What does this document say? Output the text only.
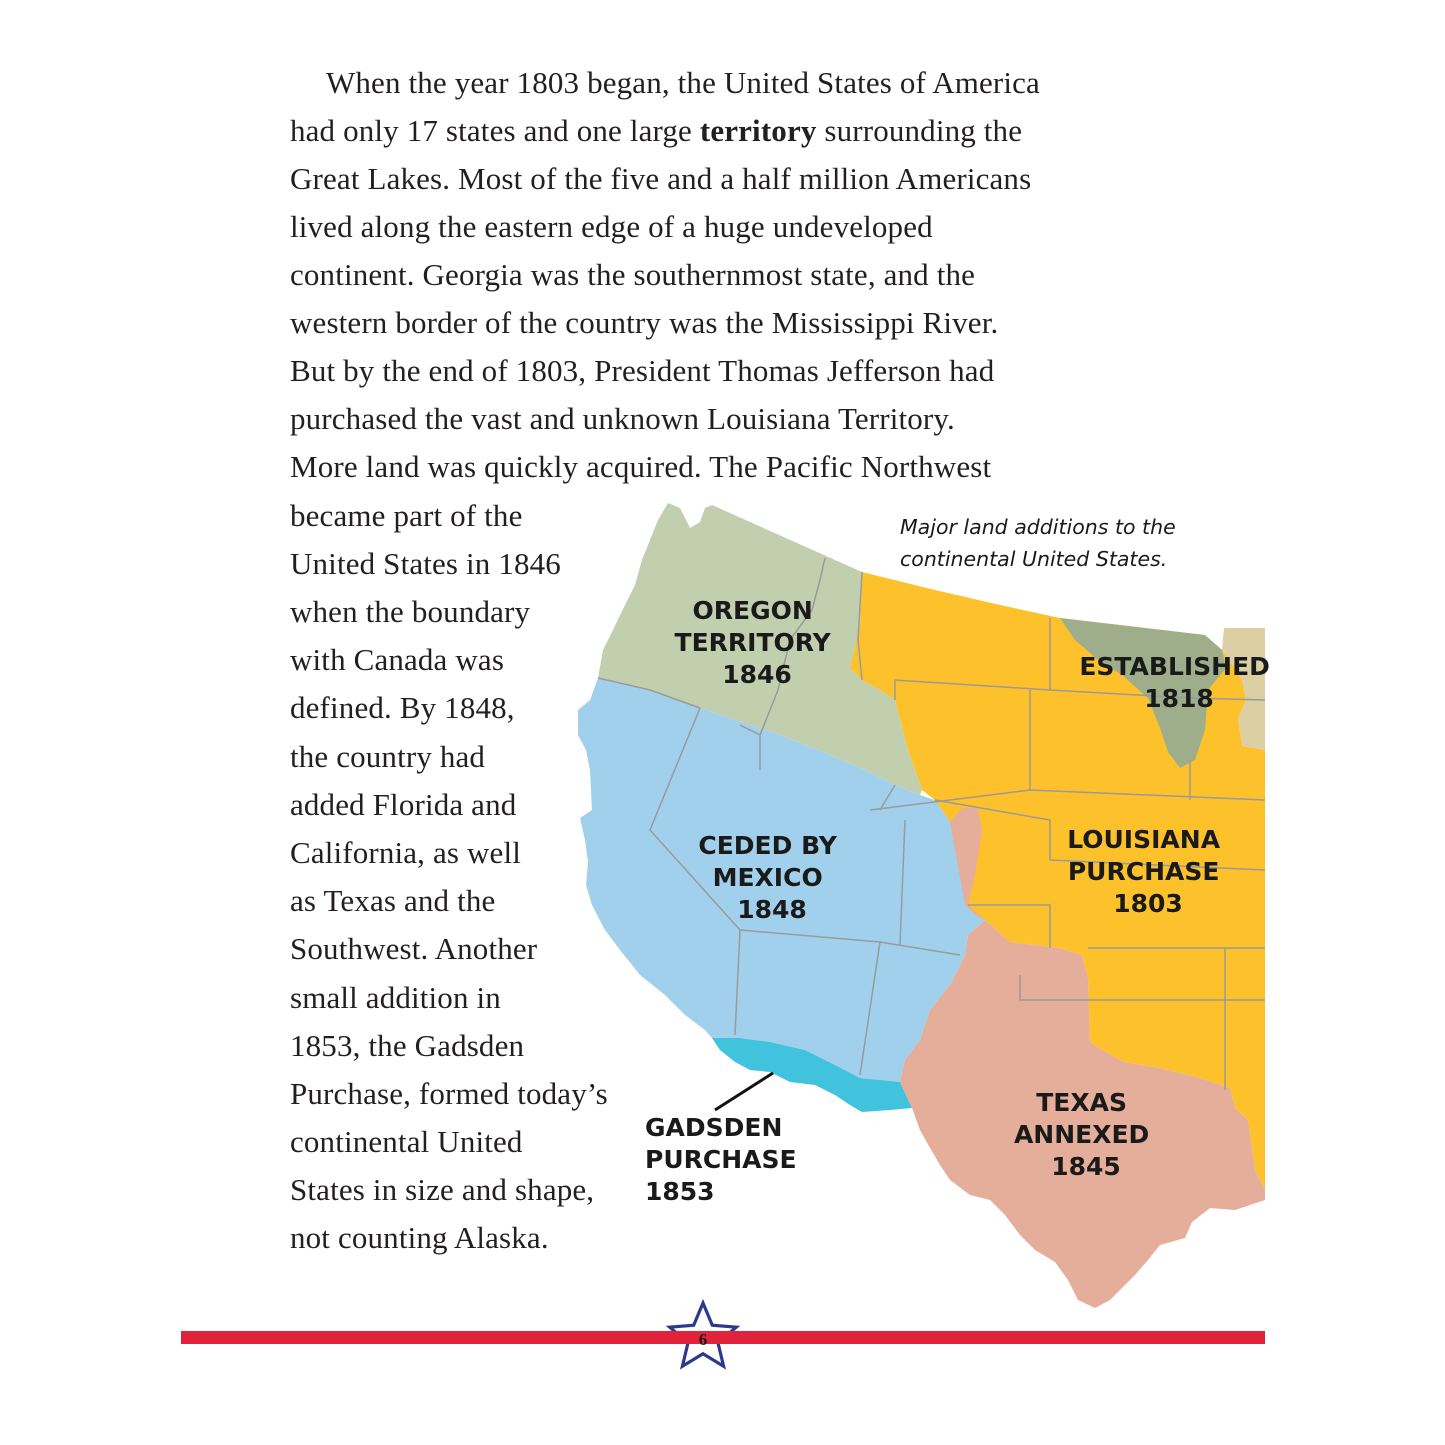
When the year 1803 began, the United States of America
had only 17 states and one large territory surrounding the
Great Lakes. Most of the five and a half million Americans
lived along the eastern edge of a huge undeveloped
continent. Georgia was the southernmost state, and the
western border of the country was the Mississippi River.
But by the end of 1803, President Thomas Jefferson had
purchased the vast and unknown Louisiana Territory.
More land was quickly acquired. The Pacific Northwest
became part of the
United States in 1846
when the boundary
with Canada was
defined. By 1848,
the country had
added Florida and
California, as well
as Texas and the
Southwest. Another
small addition in
1853, the Gadsden
Purchase, formed today’s
continental United
States in size and shape,
not counting Alaska.
OREGON TERRITORY 1846	ESTABLISHED 1818
LOUISIANA PURCHASE 1803
CEDED BY MEXICO 1848
TEXAS ANNEXED 1845
GADSDEN PURCHASE 1853
Major land additions to the
continental United States.
6
